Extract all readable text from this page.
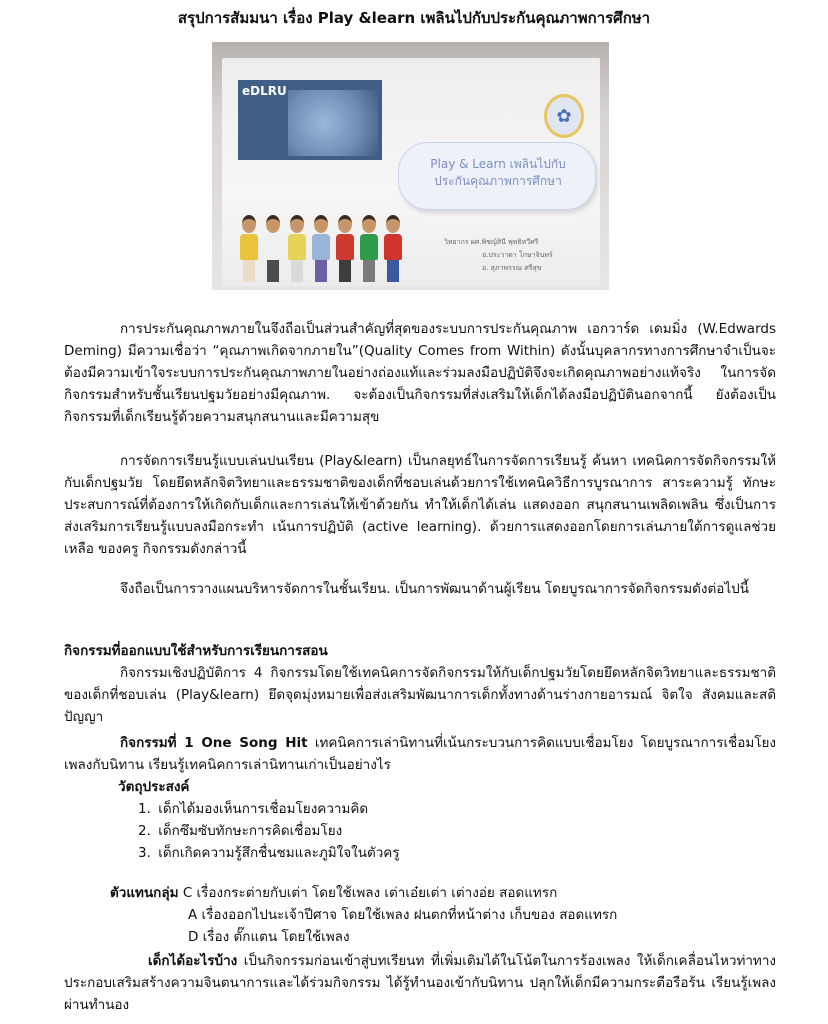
สรุปการสัมมนา เรื่อง Play &learn เพลินไปกับประกันคุณภาพการศึกษา
eDLRU
✿
Play & Learn เพลินไปกับ
ประกันคุณภาพการศึกษา
วิทยากร ผศ.พิชญ์สินี พุทธิทวีศรี
อ.ประวาดา โกษาจินทร์
อ. สุภาพรรณ ศรีสุข
การประกันคุณภาพภายในจึงถือเป็นส่วนสำคัญที่สุดของระบบการประกันคุณภาพ เอกวาร์ด เดมมิ่ง (W.Edwards Deming) มีความเชื่อว่า “คุณภาพเกิดจากภายใน”(Quality Comes from Within) ดังนั้นบุคลากรทางการศึกษาจำเป็นจะต้องมีความเข้าใจระบบการประกันคุณภาพภายในอย่างถ่องแท้และร่วมลงมือปฏิบัติจึงจะเกิดคุณภาพอย่างแท้จริง ในการจัดกิจกรรมสำหรับชั้นเรียนปฐมวัยอย่างมีคุณภาพ. จะต้องเป็นกิจกรรมที่ส่งเสริมให้เด็กได้ลงมือปฏิบัตินอกจากนี้ ยังต้องเป็นกิจกรรมที่เด็กเรียนรู้ด้วยความสนุกสนานและมีความสุข
การจัดการเรียนรู้แบบเล่นปนเรียน (Play&learn) เป็นกลยุทธ์ในการจัดการเรียนรู้ ค้นหา เทคนิคการจัดกิจกรรมให้กับเด็กปฐมวัย โดยยึดหลักจิตวิทยาและธรรมชาติของเด็กที่ชอบเล่นด้วยการใช้เทคนิควิธีการบูรณาการ สาระความรู้ ทักษะ ประสบการณ์ที่ต้องการให้เกิดกับเด็กและการเล่นให้เข้าด้วยกัน ทำให้เด็กได้เล่น แสดงออก สนุกสนานเพลิดเพลิน ซึ่งเป็นการส่งเสริมการเรียนรู้แบบลงมือกระทำ เน้นการปฏิบัติ (active learning). ด้วยการแสดงออกโดยการเล่นภายใต้การดูแลช่วยเหลือ ของครู กิจกรรมดังกล่าวนี้
จึงถือเป็นการวางแผนบริหารจัดการในชั้นเรียน. เป็นการพัฒนาด้านผู้เรียน โดยบูรณาการจัดกิจกรรมดังต่อไปนี้
กิจกรรมที่ออกแบบใช้สำหรับการเรียนการสอน
กิจกรรมเชิงปฏิบัติการ 4 กิจกรรมโดยใช้เทคนิคการจัดกิจกรรมให้กับเด็กปฐมวัยโดยยึดหลักจิตวิทยาและธรรมชาติของเด็กที่ชอบเล่น (Play&learn) ยึดจุดมุ่งหมายเพื่อส่งเสริมพัฒนาการเด็กทั้งทางด้านร่างกายอารมณ์ จิตใจ สังคมและสติปัญญา
กิจกรรมที่ 1 One Song Hit เทคนิคการเล่านิทานที่เน้นกระบวนการคิดแบบเชื่อมโยง โดยบูรณาการเชื่อมโยงเพลงกับนิทาน เรียนรู้เทคนิคการเล่านิทานเก่าเป็นอย่างไร
วัตถุประสงค์
1. เด็กได้มองเห็นการเชื่อมโยงความคิด
2. เด็กซึมซับทักษะการคิดเชื่อมโยง
3. เด็กเกิดความรู้สึกชื่นชมและภูมิใจในตัวครู
ตัวแทนกลุ่ม C เรื่องกระต่ายกับเต่า โดยใช้เพลง เต่าเอ๋ยเต่า เต่างอ่ย สอดแทรก
A เรื่องออกไปนะเจ้าปีศาจ โดยใช้เพลง ฝนตกที่หน้าต่าง เก็บของ สอดแทรก
D เรื่อง ตั๊กแตน โดยใช้เพลง
เด็กได้อะไรบ้าง เป็นกิจกรรมก่อนเข้าสู่บทเรียนท ที่เพิ่มเติมได้ในโน้ตในการร้องเพลง ให้เด็กเคลื่อนไหวท่าทาง ประกอบเสริมสร้างความจินตนาการและได้ร่วมกิจกรรม ได้รู้ทำนองเข้ากับนิทาน ปลุกให้เด็กมีความกระตือรือร้น เรียนรู้เพลงผ่านทำนอง
